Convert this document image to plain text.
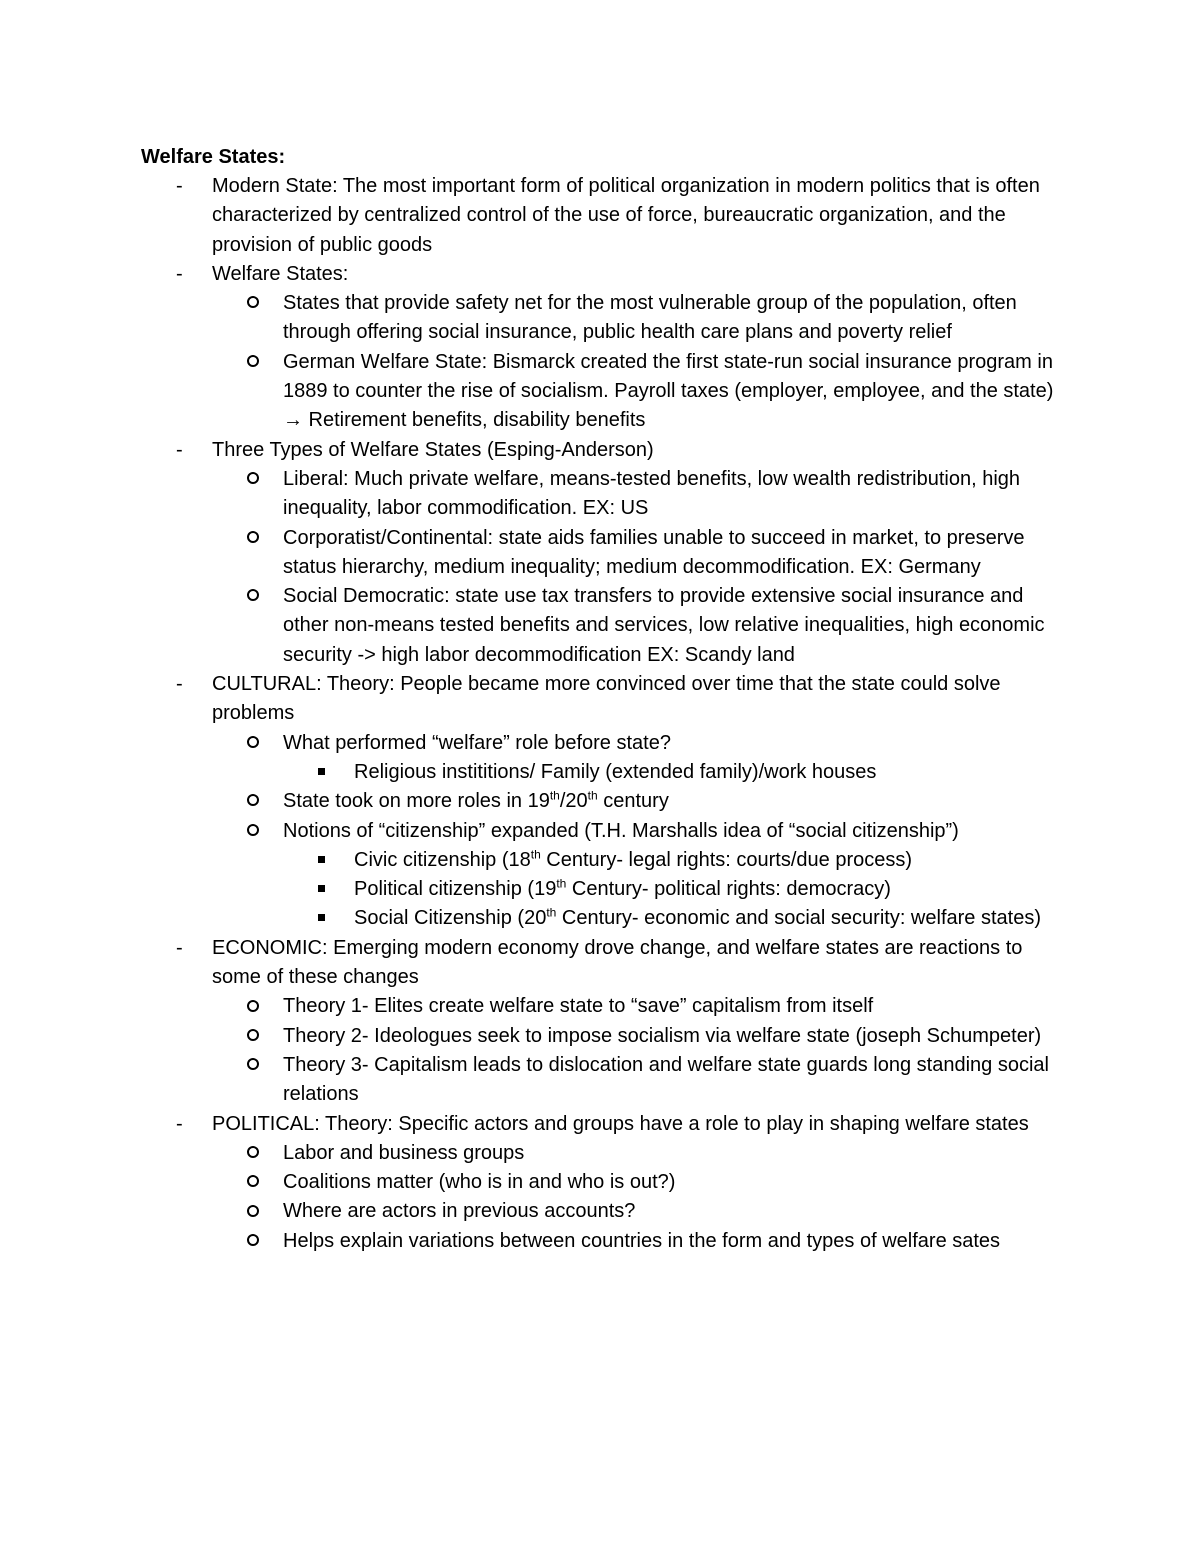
Welfare States:
- Modern State: The most important form of political organization in modern politics that is often characterized by centralized control of the use of force, bureaucratic organization, and the provision of public goods
- Welfare States:
States that provide safety net for the most vulnerable group of the population, often through offering social insurance, public health care plans and poverty relief
German Welfare State: Bismarck created the first state-run social insurance program in 1889 to counter the rise of socialism. Payroll taxes (employer, employee, and the state) → Retirement benefits, disability benefits
- Three Types of Welfare States (Esping-Anderson)
Liberal: Much private welfare, means-tested benefits, low wealth redistribution, high inequality, labor commodification. EX: US
Corporatist/Continental: state aids families unable to succeed in market, to preserve status hierarchy, medium inequality; medium decommodification. EX: Germany
Social Democratic: state use tax transfers to provide extensive social insurance and other non-means tested benefits and services, low relative inequalities, high economic security -> high labor decommodification EX: Scandy land
- CULTURAL: Theory: People became more convinced over time that the state could solve problems
What performed “welfare” role before state?
Religious instititions/ Family (extended family)/work houses
State took on more roles in 19th/20th century
Notions of “citizenship” expanded (T.H. Marshalls idea of “social citizenship”)
Civic citizenship (18th Century- legal rights: courts/due process)
Political citizenship (19th Century- political rights: democracy)
Social Citizenship (20th Century- economic and social security: welfare states)
- ECONOMIC: Emerging modern economy drove change, and welfare states are reactions to some of these changes
Theory 1- Elites create welfare state to “save” capitalism from itself
Theory 2- Ideologues seek to impose socialism via welfare state (joseph Schumpeter)
Theory 3- Capitalism leads to dislocation and welfare state guards long standing social relations
- POLITICAL: Theory: Specific actors and groups have a role to play in shaping welfare states
Labor and business groups
Coalitions matter (who is in and who is out?)
Where are actors in previous accounts?
Helps explain variations between countries in the form and types of welfare sates
